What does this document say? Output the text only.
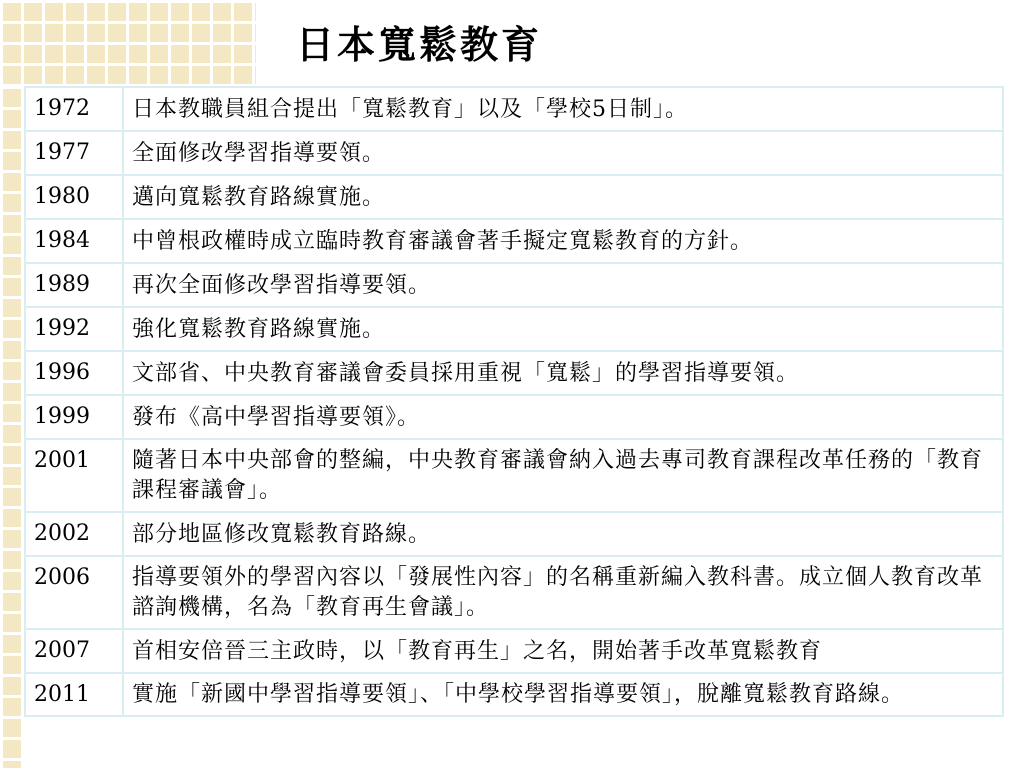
日本寬鬆教育
1972	日本教職員組合提出「寬鬆教育」以及「學校5日制」。

1977	全面修改學習指導要領。

1980	邁向寬鬆教育路線實施。

1984	中曾根政權時成立臨時教育審議會著手擬定寬鬆教育的方針。

1989	再次全面修改學習指導要領。

1992	強化寬鬆教育路線實施。

1996	文部省、中央教育審議會委員採用重視「寬鬆」的學習指導要領。

1999	發布《高中學習指導要領》。

2001	隨著日本中央部會的整編，中央教育審議會納入過去專司教育課程改革任務的「教育課程審議會」。

2002	部分地區修改寬鬆教育路線。

2006	指導要領外的學習內容以「發展性內容」的名稱重新編入教科書。成立個人教育改革諮詢機構，名為「教育再生會議」。

2007	首相安倍晉三主政時，以「教育再生」之名，開始著手改革寬鬆教育

2011	實施「新國中學習指導要領」、「中學校學習指導要領」，脫離寬鬆教育路線。
